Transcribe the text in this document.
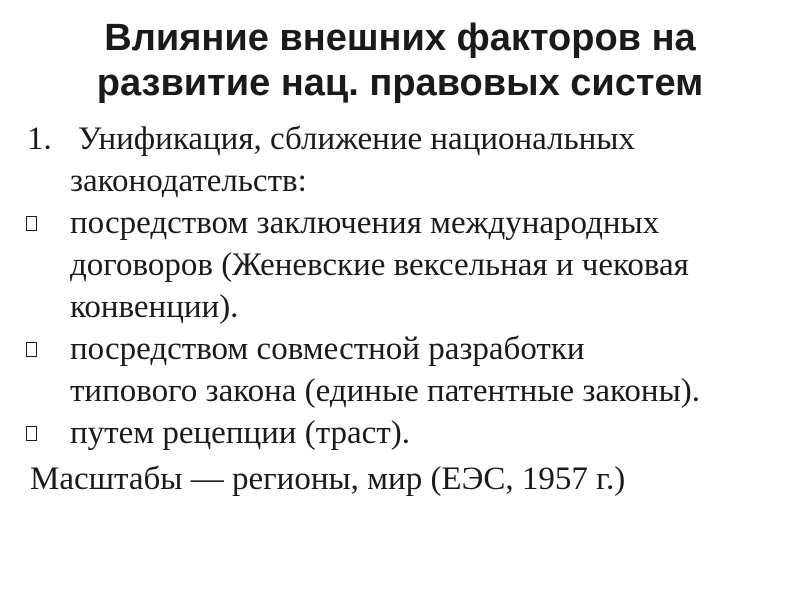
Влияние внешних факторов на
развитие нац. правовых систем
1. Унификация, сближение национальных
законодательств:
посредством заключения международных
договоров (Женевские вексельная и чековая
конвенции).
посредством совместной разработки
типового закона (единые патентные законы).
путем рецепции (траст).
Масштабы — регионы, мир (ЕЭС, 1957 г.)
